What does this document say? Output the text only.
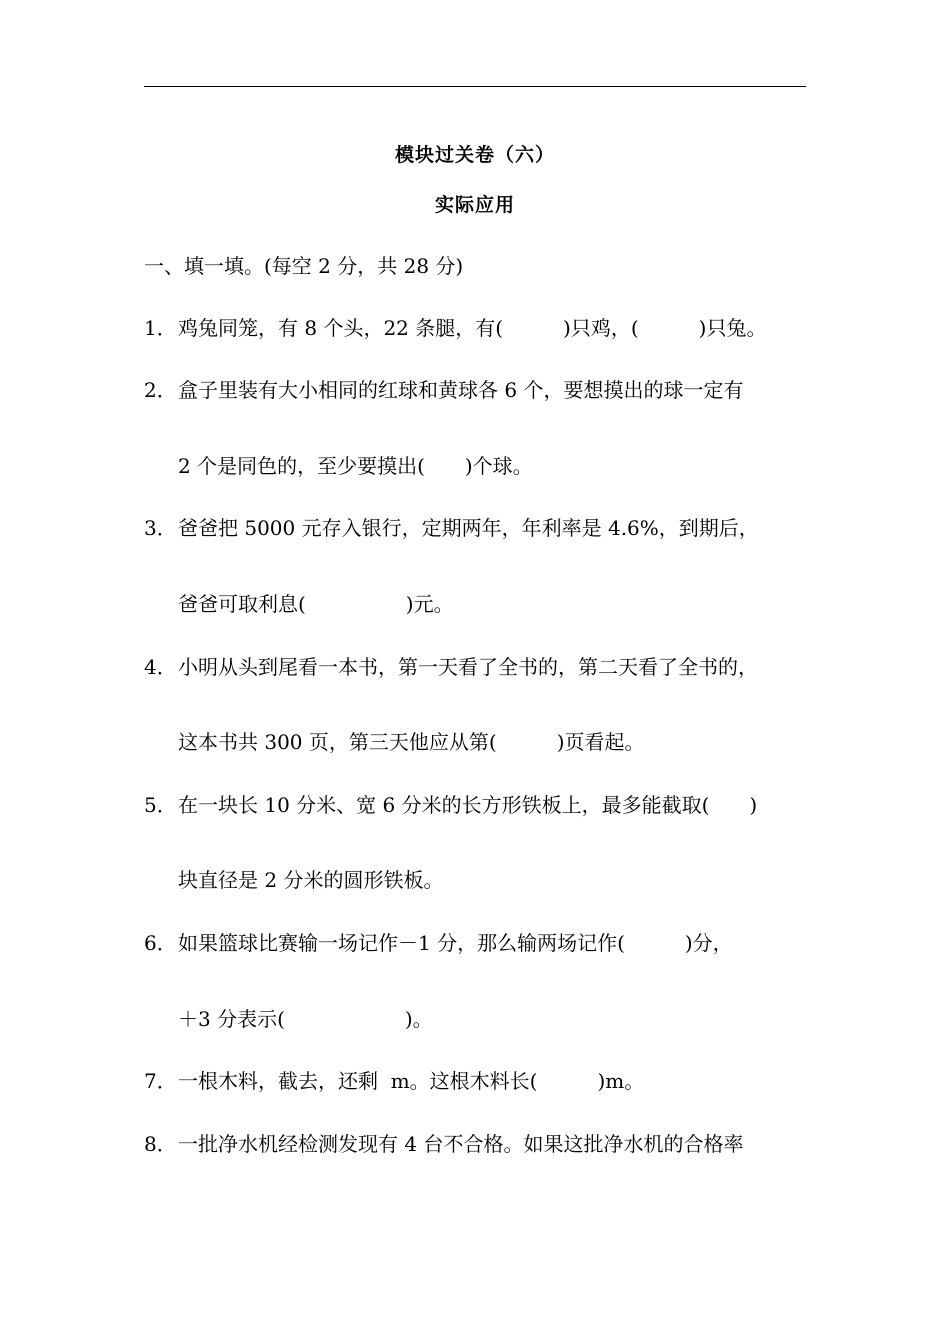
模块过关卷（六）
实际应用
一、填一填。(每空 2 分，共 28 分)
1．鸡兔同笼，有 8 个头，22 条腿，有(　　　)只鸡，(　　　)只兔。
2．盒子里装有大小相同的红球和黄球各 6 个，要想摸出的球一定有
2 个是同色的，至少要摸出(　　)个球。
3．爸爸把 5000 元存入银行，定期两年，年利率是 4.6%，到期后，
爸爸可取利息(　　　　　)元。
4．小明从头到尾看一本书，第一天看了全书的，第二天看了全书的，
这本书共 300 页，第三天他应从第(　　　)页看起。
5．在一块长 10 分米、宽 6 分米的长方形铁板上，最多能截取(　　)
块直径是 2 分米的圆形铁板。
6．如果篮球比赛输一场记作－1 分，那么输两场记作(　　　)分，
＋3 分表示(　　　　　　)。
7．一根木料，截去，还剩  m。这根木料长(　　　)m。
8．一批净水机经检测发现有 4 台不合格。如果这批净水机的合格率
